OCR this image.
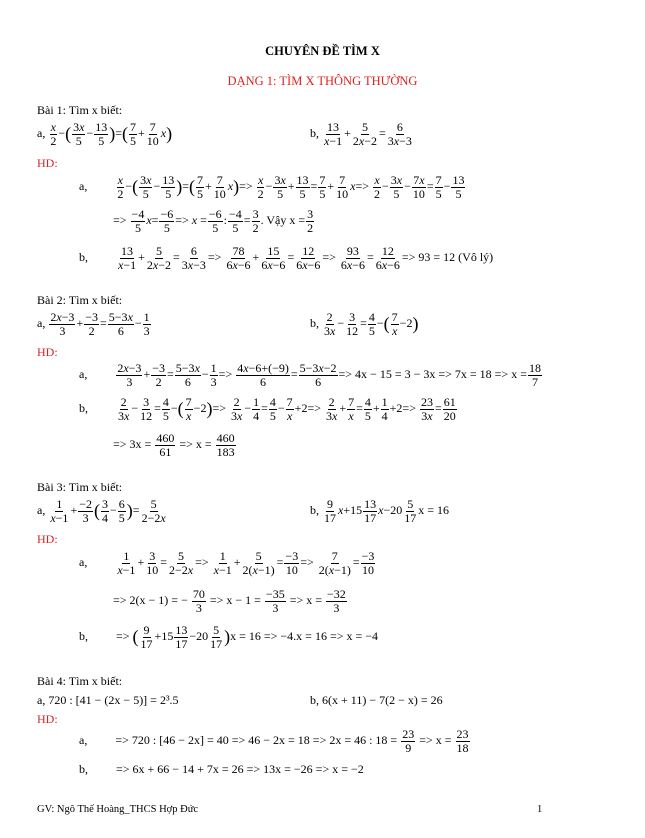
CHUYÊN ĐỀ TÌM X
DẠNG 1: TÌM X THÔNG THƯỜNG
Bài 1: Tìm x biết:
a, $\frac{x}{2}$ −( $\frac{3x}{5} - \frac{13}{5}$ )=( $\frac{7}{5} + \frac{7}{10} x$)	b, $\frac{13}{x-1} + \frac{5}{2x-2} = \frac{6}{3x-3}$
HD:
a, $\frac{x}{2}$ −( $\frac{3x}{5} - \frac{13}{5}$ )=( $\frac{7}{5} + \frac{7}{10} x)=> \frac{x}{2} - \frac{3x}{5} + \frac{13}{5} = \frac{7}{5} + \frac{7}{10} x=> \frac{x}{2} - \frac{3x}{5} - \frac{7x}{10} = \frac{7}{5} - \frac{13}{5}$
=> $\frac{-4}{5} x= \frac{-6}{5} => x = \frac{-6}{5}$ : $\frac{-4}{5} = \frac{3}{2}$ . Vậy $x = \frac{3}{2}$
b, $\frac{13}{x-1} + \frac{5}{2x-2} = \frac{6}{3x-3} => \frac{78}{6x-6} + \frac{15}{6x-6} = \frac{12}{6x-6} => \frac{93}{6x-6} = \frac{12}{6x-6} => 93 = 12$ (Vô lý)
Bài 2: Tìm x biết:
a, $\frac{2x-3}{3} + \frac{-3}{2} = \frac{5-3x}{6} - \frac{1}{3}$	b, $\frac{2}{3x} - \frac{3}{12} = \frac{4}{5}$ −( $\frac{7}{x} -2$)
HD:
a, $\frac{2x-3}{3} + \frac{-3}{2} = \frac{5-3x}{6} - \frac{1}{3} => \frac{4x-6+(-9)}{6} = \frac{5-3x-2}{6} => 4x - 15 = 3 - 3x => 7x = 18 => x = \frac{18}{7}$
b, $\frac{2}{3x} - \frac{3}{12} = \frac{4}{5}$ −( $\frac{7}{x} -2)=> \frac{2}{3x} - \frac{1}{4} = \frac{4}{5} - \frac{7}{x} +2=> \frac{2}{3x} + \frac{7}{x} = \frac{4}{5} + \frac{1}{4} +2=> \frac{23}{3x} = \frac{61}{20}$
=> $3x = \frac{460}{61} => x = \frac{460}{183}$
Bài 3: Tìm x biết:
a, $\frac{1}{x-1} + \frac{-2}{3}$ ( $\frac{3}{4} - \frac{6}{5}$ )= $\frac{5}{2-2x}$	b, $\frac{9}{17} x+15 \frac{13}{17} x-20 \frac{5}{17}$ x = 16
HD:
a, $\frac{1}{x-1} + \frac{3}{10} = \frac{5}{2-2x} => \frac{1}{x-1} + \frac{5}{2(x-1)} = \frac{-3}{10} => \frac{7}{2(x-1)} = \frac{-3}{10}$
=> 2(x − 1) = − $\frac{70}{3} => x - 1 = \frac{-35}{3} => x = \frac{-32}{3}$
b,  => ( $\frac{9}{17} +15 \frac{13}{17} -20 \frac{5}{17} )x = 16 => -4.x = 16 => x = -4$
Bài 4: Tìm x biết:
a, 720 : [41 − (2x − 5)] = 2³.5	b, 6(x + 11) − 7(2 − x) = 26
HD:
a, => 720 : [46 − 2x] = 40 => 46 − 2x = 18 => 2x = 46 : $18 = \frac{23}{9} => x = \frac{23}{18}$
b, => 6x + 66 − 14 + 7x = 26 => 13x = −26 => x = −2
GV: Ngô Thế Hoàng_THCS Hợp Đức	1
